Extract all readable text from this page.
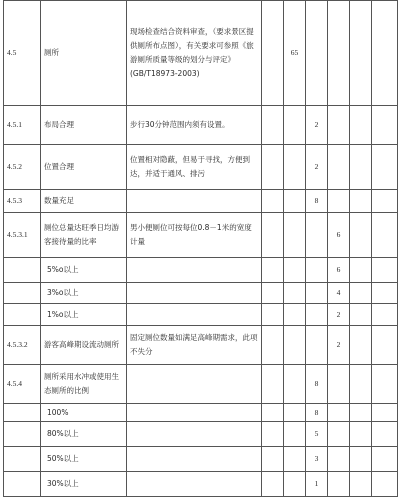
4.5	厕所	现场检查结合资料审查，（要求景区提供厕所布点图），有关要求可参照《旅游厕所质量等级的划分与评定》(GB/T18973-2003)		65				
4.5.1	布局合理	步行30分钟范围内须有设置。			2			
4.5.2	位置合理	位置相对隐蔽，但易于寻找，方便到达，并适于通风、排污			2			
4.5.3	数量充足				8			
4.5.3.1	厕位总量达旺季日均游客接待量的比率	男小便厕位可按每位0.8－1米的宽度计量				6		
	5%o以上					6		
	3%o以上					4		
	1%o以上					2		
4.5.3.2	游客高峰期设流动厕所	固定厕位数量如满足高峰期需求，此项不失分				2		
4.5.4	厕所采用水冲或使用生态厕所的比例				8			
	100%				8			
	80%以上				5			
	50%以上				3			
	30%以上				1			
